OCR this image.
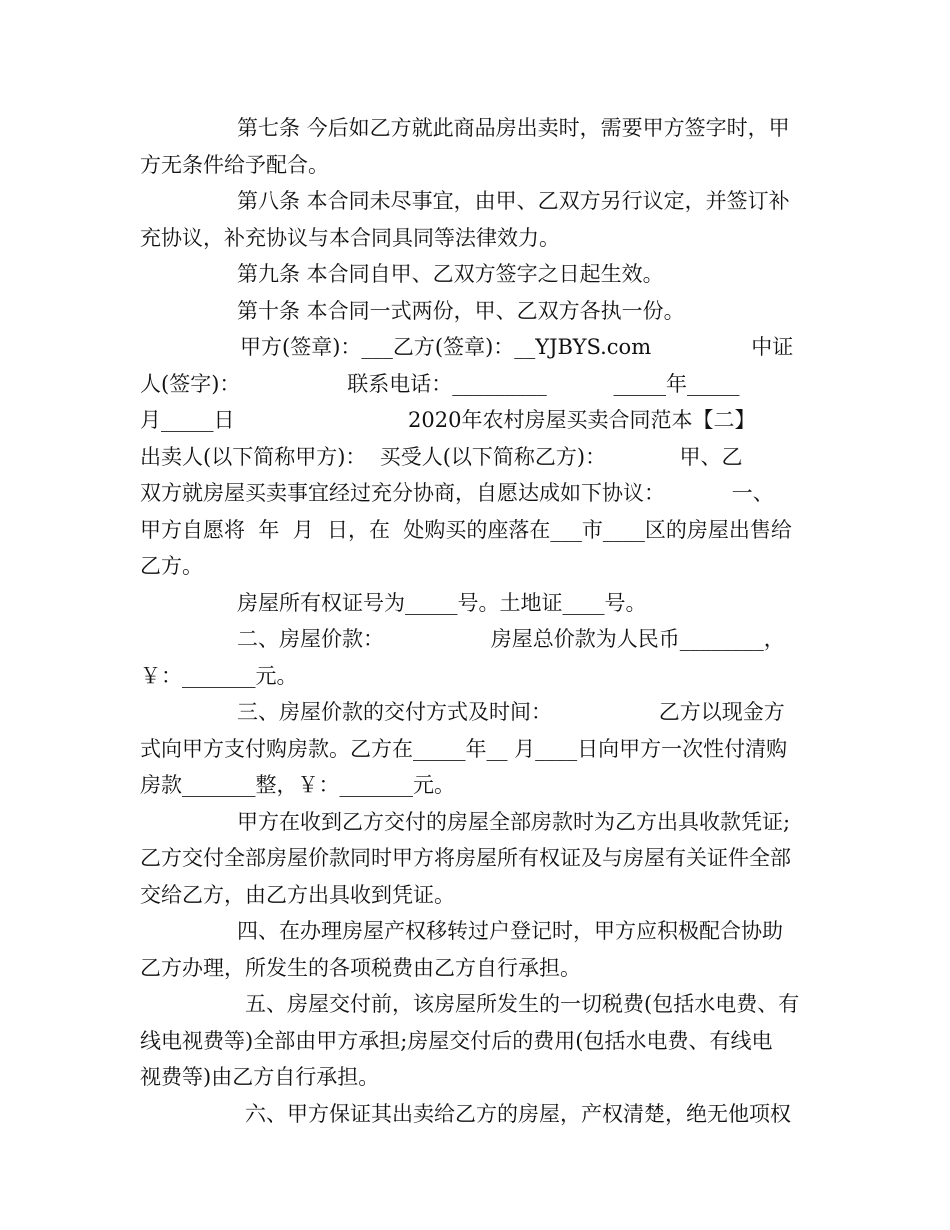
第七条 今后如乙方就此商品房出卖时，需要甲方签字时，甲
方无条件给予配合。
第八条 本合同未尽事宜，由甲、乙双方另行议定，并签订补
充协议，补充协议与本合同具同等法律效力。
第九条 本合同自甲、乙双方签字之日起生效。
第十条 本合同一式两份，甲、乙双方各执一份。
甲方(签章)：___乙方(签章)：__YJBYS.com               中证
人(签字)：                联系电话：_________          _____年_____
月_____日                          2020年农村房屋买卖合同范本【二】
出卖人(以下简称甲方)：  买受人(以下简称乙方)：           甲、乙
双方就房屋买卖事宜经过充分协商，自愿达成如下协议：          一、
甲方自愿将  年  月  日，在  处购买的座落在___市____区的房屋出售给
乙方。
房屋所有权证号为_____号。土地证____号。
二、房屋价款：                房屋总价款为人民币________，
￥：_______元。
三、房屋价款的交付方式及时间：                乙方以现金方
式向甲方支付购房款。乙方在_____年__ 月____日向甲方一次性付清购
房款_______整，￥：_______元。
甲方在收到乙方交付的房屋全部房款时为乙方出具收款凭证;
乙方交付全部房屋价款同时甲方将房屋所有权证及与房屋有关证件全部
交给乙方，由乙方出具收到凭证。
四、在办理房屋产权移转过户登记时，甲方应积极配合协助
乙方办理，所发生的各项税费由乙方自行承担。
五、房屋交付前，该房屋所发生的一切税费(包括水电费、有
线电视费等)全部由甲方承担;房屋交付后的费用(包括水电费、有线电
视费等)由乙方自行承担。
六、甲方保证其出卖给乙方的房屋，产权清楚，绝无他项权
